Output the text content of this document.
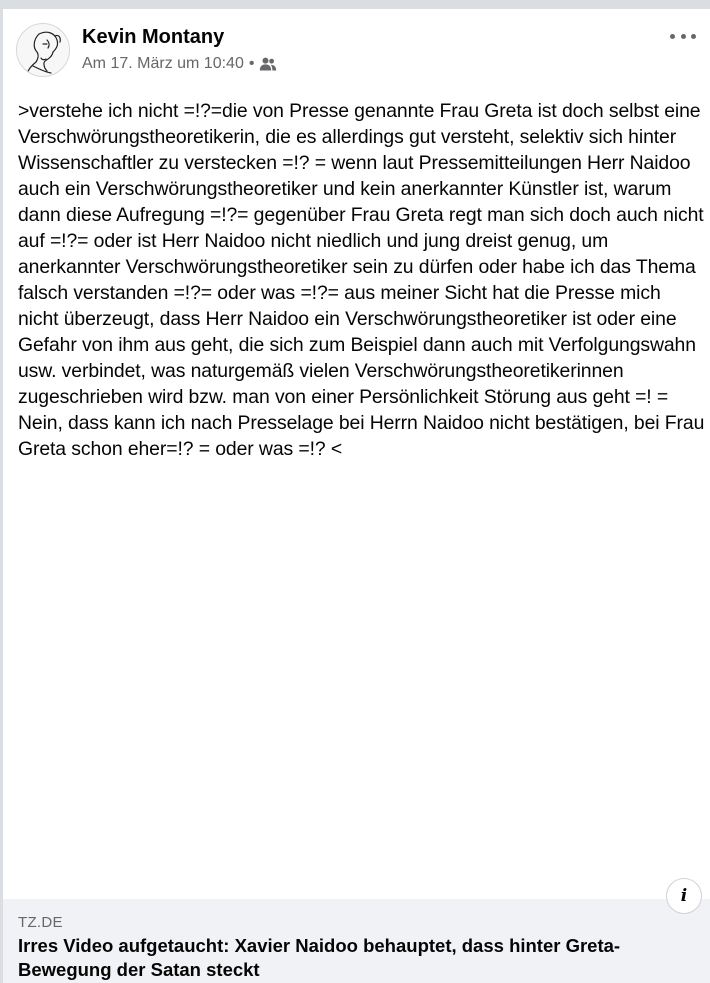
Kevin Montany
Am 17. März um 10:40 •

>verstehe ich nicht =!?=die von Presse genannte Frau Greta ist doch selbst eine Verschwörungstheoretikerin, die es allerdings gut versteht, selektiv sich hinter Wissenschaftler zu verstecken =!? = wenn laut Pressemitteilungen Herr Naidoo auch ein Verschwörungstheoretiker und kein anerkannter Künstler ist, warum dann diese Aufregung =!?= gegenüber Frau Greta regt man sich doch auch nicht auf =!?= oder ist Herr Naidoo nicht niedlich und jung dreist genug, um anerkannter Verschwörungstheoretiker sein zu dürfen oder habe ich das Thema falsch verstanden =!?= oder was =!?= aus meiner Sicht hat die Presse mich nicht überzeugt, dass Herr Naidoo ein Verschwörungstheoretiker ist oder eine Gefahr von ihm aus geht, die sich zum Beispiel dann auch mit Verfolgungswahn usw. verbindet, was naturgemäß vielen Verschwörungstheoretikerinnen zugeschrieben wird bzw. man von einer Persönlichkeit Störung aus geht =! = Nein, dass kann ich nach Presselage bei Herrn Naidoo nicht bestätigen, bei Frau Greta schon eher=!? = oder was =!? <

i
TZ.DE

Irres Video aufgetaucht: Xavier Naidoo behauptet, dass hinter Greta-Bewegung der Satan steckt
